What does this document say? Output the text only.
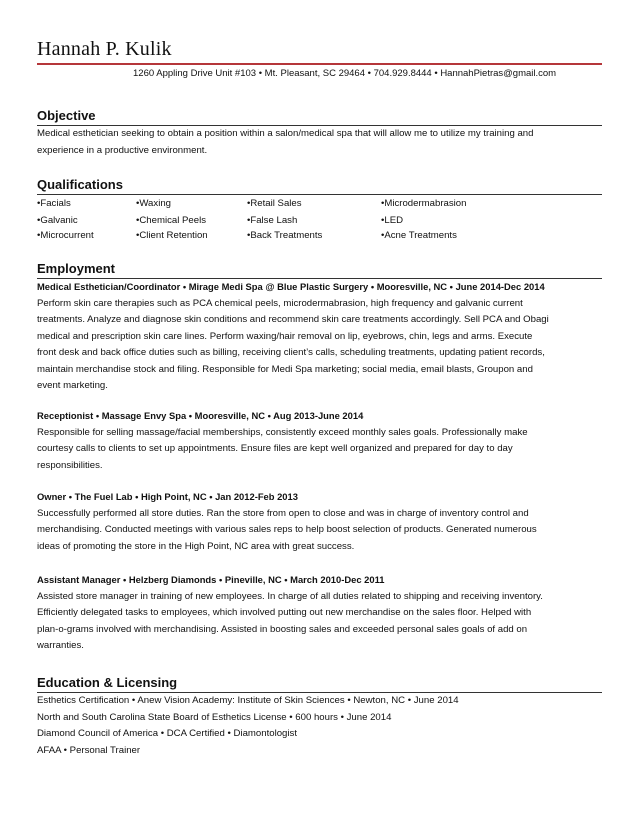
Hannah P. Kulik
1260 Appling Drive Unit #103 • Mt. Pleasant, SC 29464 • 704.929.8444 • HannahPietras@gmail.com
Objective

Medical esthetician seeking to obtain a position within a salon/medical spa that will allow me to utilize my training and

experience in a productive environment.

Qualifications
•Facials	•Waxing	•Retail Sales	•Microdermabrasion
•Galvanic	•Chemical Peels	•False Lash	•LED
•Microcurrent	•Client Retention	•Back Treatments	•Acne Treatments
Employment

Medical Esthetician/Coordinator • Mirage Medi Spa @ Blue Plastic Surgery • Mooresville, NC • June 2014-Dec 2014

Perform skin care therapies such as PCA chemical peels, microdermabrasion, high frequency and galvanic current

treatments. Analyze and diagnose skin conditions and recommend skin care treatments accordingly. Sell PCA and Obagi

medical and prescription skin care lines. Perform waxing/hair removal on lip, eyebrows, chin, legs and arms. Execute

front desk and back office duties such as billing, receiving client’s calls, scheduling treatments, updating patient records,

maintain merchandise stock and filing. Responsible for Medi Spa marketing; social media, email blasts, Groupon and

event marketing.

Receptionist • Massage Envy Spa • Mooresville, NC • Aug 2013-June 2014

Responsible for selling massage/facial memberships, consistently exceed monthly sales goals. Professionally make

courtesy calls to clients to set up appointments. Ensure files are kept well organized and prepared for day to day

responsibilities.

Owner • The Fuel Lab • High Point, NC • Jan 2012-Feb 2013

Successfully performed all store duties. Ran the store from open to close and was in charge of inventory control and

merchandising. Conducted meetings with various sales reps to help boost selection of products. Generated numerous

ideas of promoting the store in the High Point, NC area with great success.

Assistant Manager • Helzberg Diamonds • Pineville, NC • March 2010-Dec 2011

Assisted store manager in training of new employees. In charge of all duties related to shipping and receiving inventory.

Efficiently delegated tasks to employees, which involved putting out new merchandise on the sales floor. Helped with

plan-o-grams involved with merchandising. Assisted in boosting sales and exceeded personal sales goals of add on

warranties.

Education & Licensing

Esthetics Certification • Anew Vision Academy: Institute of Skin Sciences • Newton, NC • June 2014

North and South Carolina State Board of Esthetics License • 600 hours • June 2014

Diamond Council of America • DCA Certified • Diamontologist

AFAA • Personal Trainer
